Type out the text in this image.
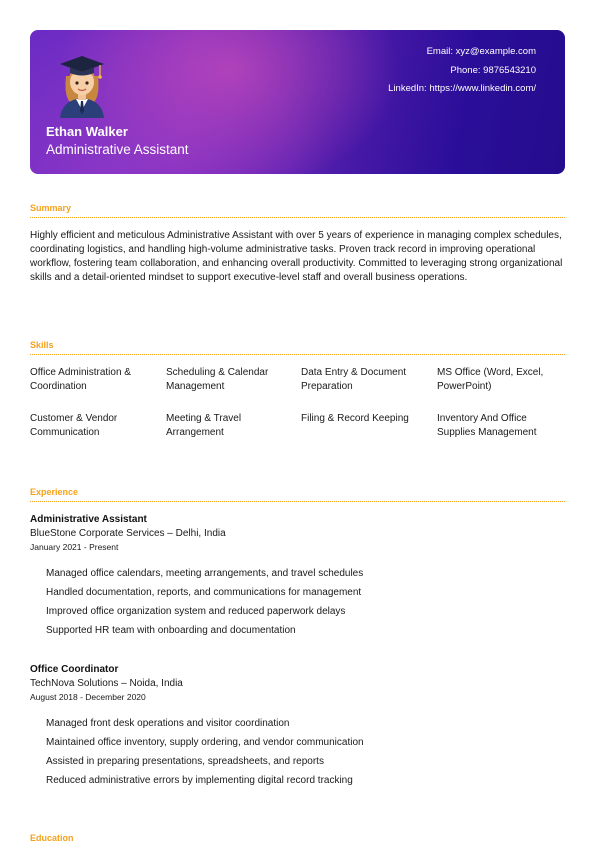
Ethan Walker
Administrative Assistant
Email: xyz@example.com
Phone: 9876543210
LinkedIn: https://www.linkedin.com/
Summary

Highly efficient and meticulous Administrative Assistant with over 5 years of experience in managing complex schedules, coordinating logistics, and handling high-volume administrative tasks. Proven track record in improving operational workflow, fostering team collaboration, and enhancing overall productivity. Committed to leveraging strong organizational skills and a detail-oriented mindset to support executive-level staff and overall business operations.

Skills
Office Administration & Coordination
Scheduling & Calendar Management
Data Entry & Document Preparation
MS Office (Word, Excel, PowerPoint)
Customer & Vendor Communication
Meeting & Travel Arrangement
Filing & Record Keeping	Inventory And Office Supplies Management
Experience
Administrative Assistant
BlueStone Corporate Services – Delhi, India
January 2021 - Present
Managed office calendars, meeting arrangements, and travel schedules
Handled documentation, reports, and communications for management
Improved office organization system and reduced paperwork delays
Supported HR team with onboarding and documentation
Office Coordinator
TechNova Solutions – Noida, India
August 2018 - December 2020
Managed front desk operations and visitor coordination
Maintained office inventory, supply ordering, and vendor communication
Assisted in preparing presentations, spreadsheets, and reports
Reduced administrative errors by implementing digital record tracking
Education
